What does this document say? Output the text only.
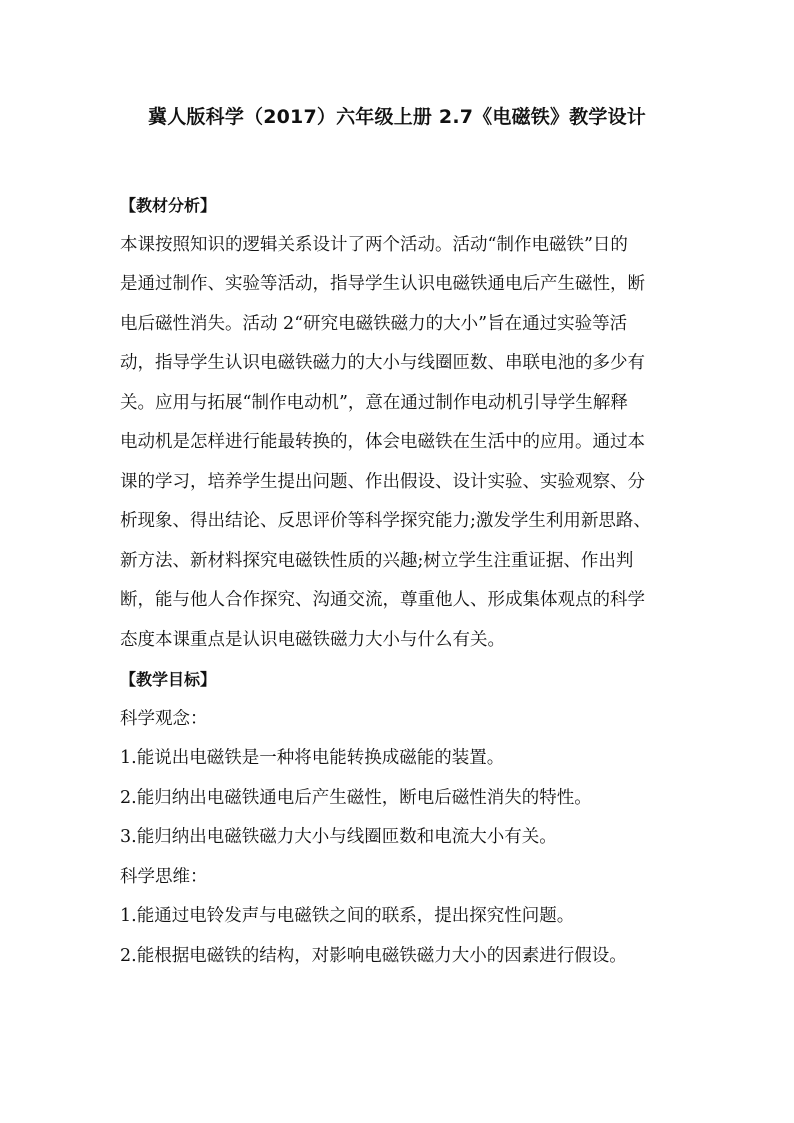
冀人版科学（2017）六年级上册 2.7《电磁铁》教学设计
【教材分析】
本课按照知识的逻辑关系设计了两个活动。活动“制作电磁铁”日的
是通过制作、实验等活动，指导学生认识电磁铁通电后产生磁性，断
电后磁性消失。活动 2“研究电磁铁磁力的大小”旨在通过实验等活
动，指导学生认识电磁铁磁力的大小与线圈匝数、串联电池的多少有
关。应用与拓展“制作电动机”，意在通过制作电动机引导学生解释
电动机是怎样进行能最转换的，体会电磁铁在生活中的应用。通过本
课的学习，培养学生提出问题、作出假设、设计实验、实验观察、分
析现象、得出结论、反思评价等科学探究能力;激发学生利用新思路、
新方法、新材料探究电磁铁性质的兴趣;树立学生注重证据、作出判
断，能与他人合作探究、沟通交流，尊重他人、形成集体观点的科学
态度本课重点是认识电磁铁磁力大小与什么有关。
【教学目标】
科学观念：
1.能说出电磁铁是一种将电能转换成磁能的装置。
2.能归纳出电磁铁通电后产生磁性，断电后磁性消失的特性。
3.能归纳出电磁铁磁力大小与线圈匝数和电流大小有关。
科学思维：
1.能通过电铃发声与电磁铁之间的联系，提出探究性问题。
2.能根据电磁铁的结构，对影响电磁铁磁力大小的因素进行假设。
